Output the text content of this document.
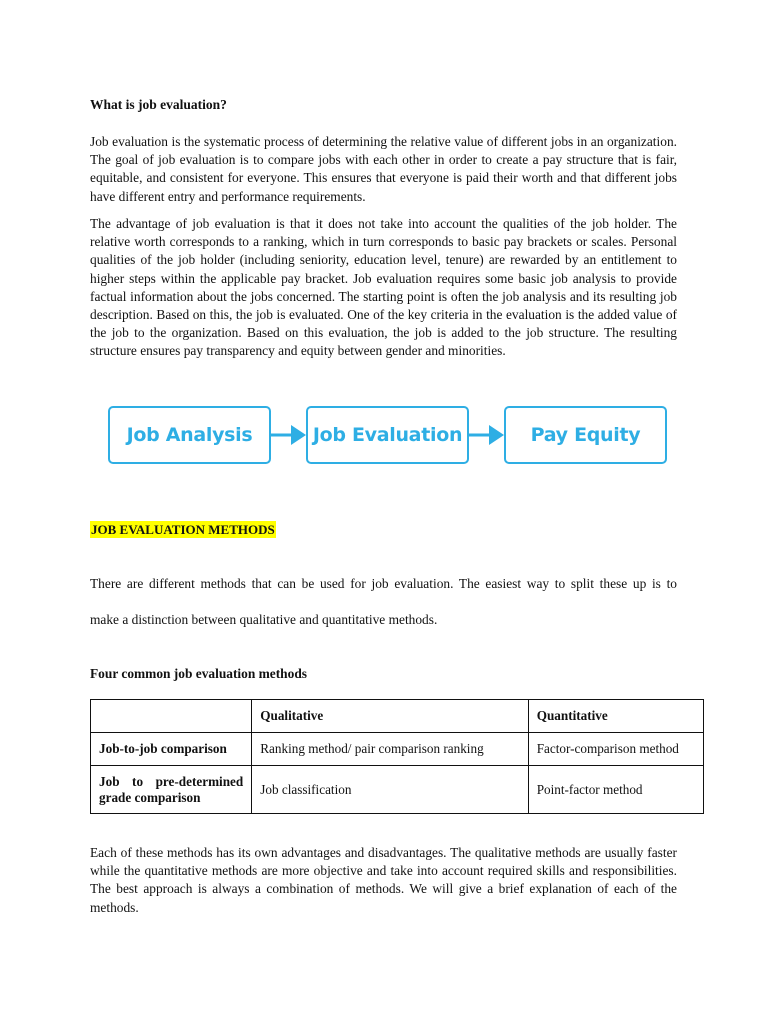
What is job evaluation?

Job evaluation is the systematic process of determining the relative value of different jobs in an organization. The goal of job evaluation is to compare jobs with each other in order to create a pay structure that is fair, equitable, and consistent for everyone. This ensures that everyone is paid their worth and that different jobs have different entry and performance requirements.

The advantage of job evaluation is that it does not take into account the qualities of the job holder. The relative worth corresponds to a ranking, which in turn corresponds to basic pay brackets or scales. Personal qualities of the job holder (including seniority, education level, tenure) are rewarded by an entitlement to higher steps within the applicable pay bracket. Job evaluation requires some basic job analysis to provide factual information about the jobs concerned. The starting point is often the job analysis and its resulting job description. Based on this, the job is evaluated. One of the key criteria in the evaluation is the added value of the job to the organization. Based on this evaluation, the job is added to the job structure. The resulting structure ensures pay transparency and equity between gender and minorities.

Job Analysis	Job Evaluation	Pay Equity

JOB EVALUATION METHODS

There are different methods that can be used for job evaluation. The easiest way to split these up is to

make a distinction between qualitative and quantitative methods.

Four common job evaluation methods

	Qualitative	Quantitative
Job-to-job comparison	Ranking method/ pair comparison ranking	Factor-comparison method
Job to pre-determined grade comparison	Job classification	Point-factor method

Each of these methods has its own advantages and disadvantages. The qualitative methods are usually faster while the quantitative methods are more objective and take into account required skills and responsibilities. The best approach is always a combination of methods. We will give a brief explanation of each of the methods.
